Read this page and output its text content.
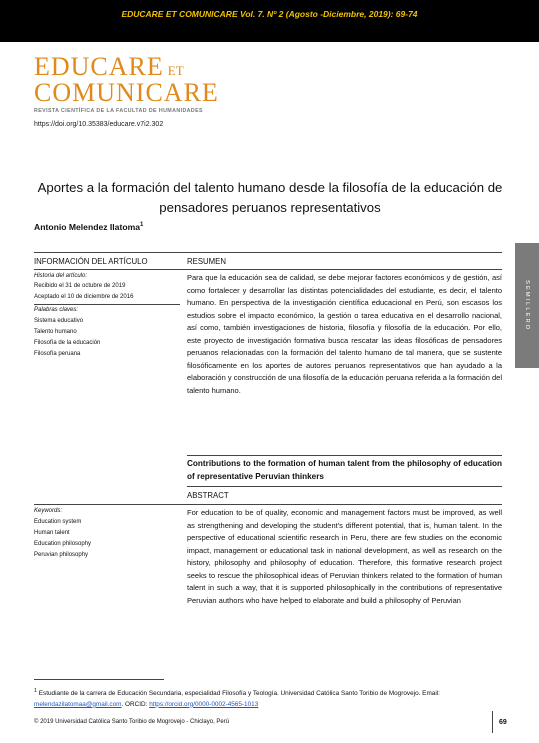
EDUCARE ET COMUNICARE Vol. 7. Nº 2 (Agosto -Diciembre, 2019): 69-74
EDUCARE ET
COMUNICARE
REVISTA CIENTÍFICA DE LA FACULTAD DE HUMANIDADES
https://doi.org/10.35383/educare.v7i2.302
Aportes a la formación del talento humano desde la filosofía de la educación de pensadores peruanos representativos
Antonio Melendez Ilatoma$^1$
SEMILLERO
INFORMACIÓN DEL ARTÍCULO	RESUMEN
Historia del artículo:
Recibido el 31 de octubre de 2019
Aceptado el 10 de diciembre de 2016
Palabras claves:
Sistema educativo
Talento humano
Filosofía de la educación
Filosofía peruana

Para que la educación sea de calidad, se debe mejorar factores económicos y de gestión, así como fortalecer y desarrollar las distintas potencialidades del estudiante, es decir, el talento humano. En perspectiva de la investigación científica educacional en Perú, son escasos los estudios sobre el impacto económico, la gestión o tarea educativa en el desarrollo nacional, así como, también investigaciones de historia, filosofía y filosofía de la educación. Por ello, este proyecto de investigación formativa busca rescatar las ideas filosóficas de pensadores peruanos relacionadas con la formación del talento humano de tal manera, que se sustente filosóficamente en los aportes de autores peruanos representativos que han ayudado a la elaboración y construcción de una filosofía de la educación peruana referida a la formación del talento humano.

Contributions to the formation of human talent from the philosophy of education of representative Peruvian thinkers
ABSTRACT
Keywords:
Education system
Human talent
Education philosophy
Peruvian philosophy

For education to be of quality, economic and management factors must be improved, as well as strengthening and developing the student's different potential, that is, human talent. In the perspective of educational scientific research in Peru, there are few studies on the economic impact, management or educational task in national development, as well as research on the history, philosophy and philosophy of education. Therefore, this formative research project seeks to rescue the philosophical ideas of Peruvian thinkers related to the formation of human talent in such a way, that it is supported philosophically in the contributions of representative Peruvian authors who have helped to elaborate and build a philosophy of Peruvian

$^1$ Estudiante de la carrera de Educación Secundaria, especialidad Filosofía y Teología. Universidad Católica Santo Toribio de Mogrovejo. Email: melendazilatomaa@gmail.com. ORCID: https://orcid.org/0000-0002-4565-1013
© 2019 Universidad Católica Santo Toribio de Mogrovejo - Chiclayo, Perú	69
